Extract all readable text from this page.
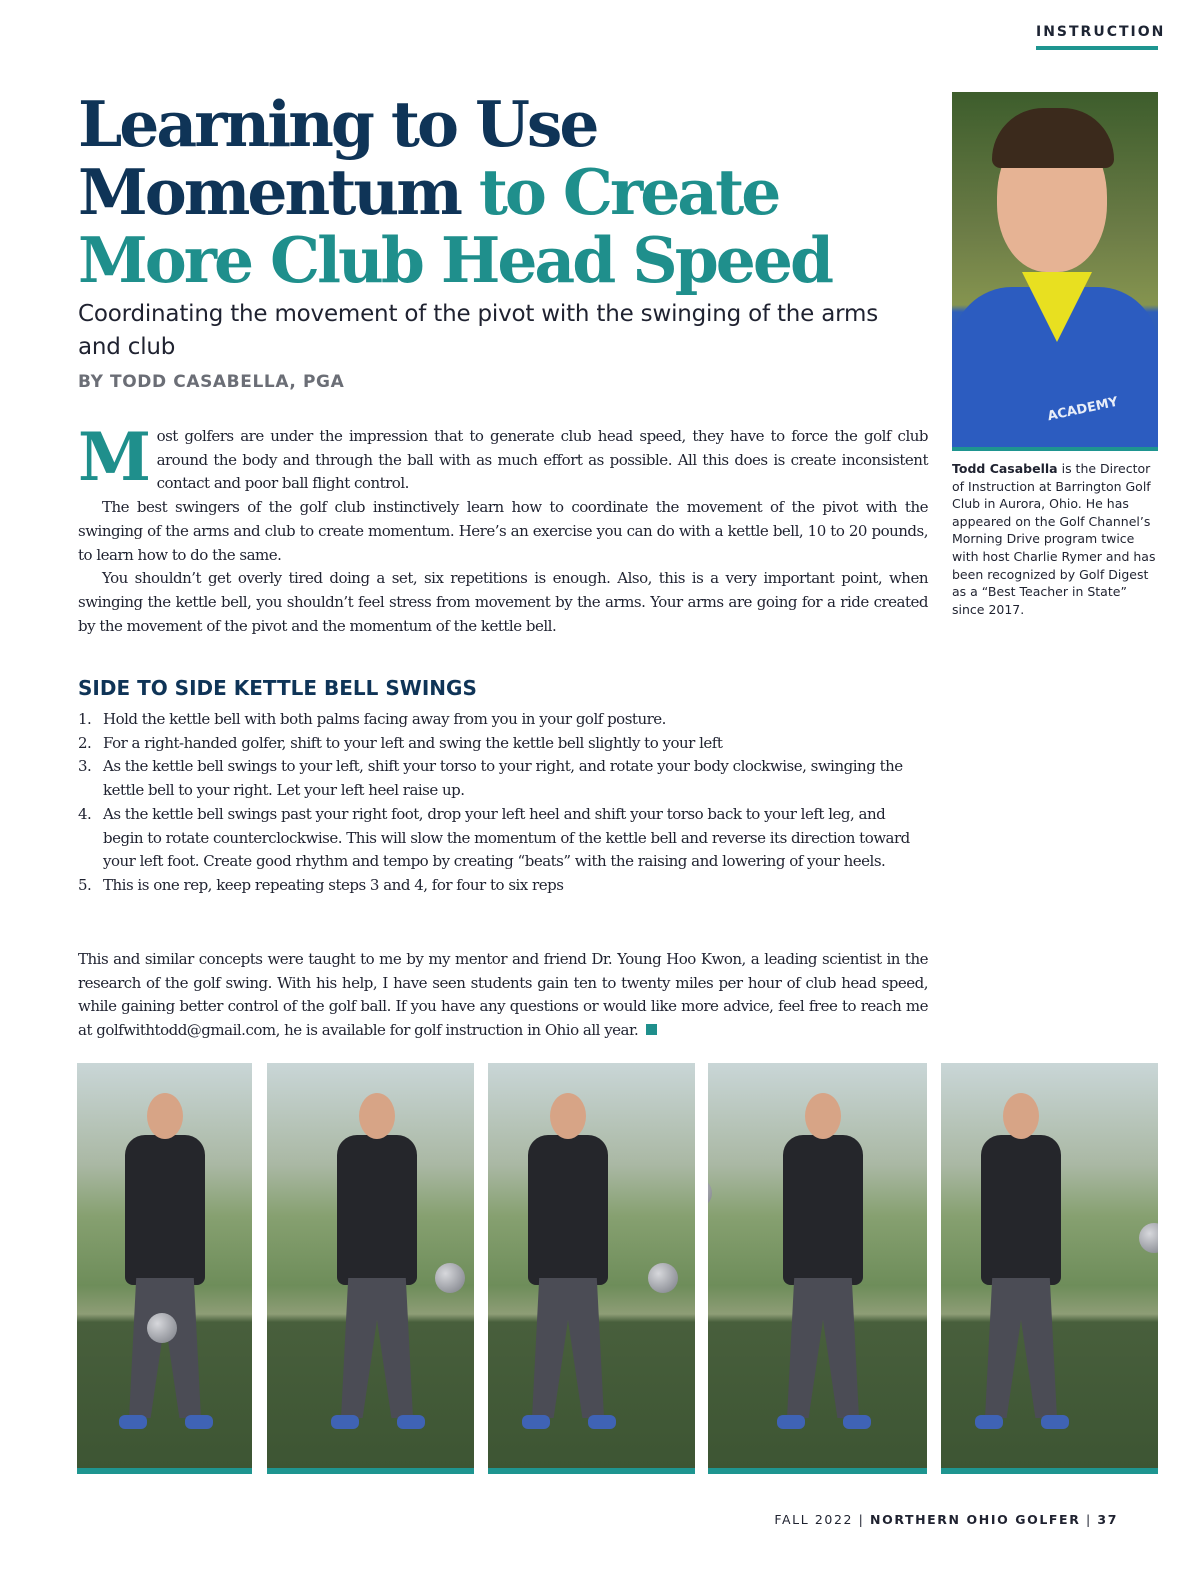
INSTRUCTION
Learning to Use
Momentum to Create
More Club Head Speed

Coordinating the movement of the pivot with the swinging of the arms and club

BY TODD CASABELLA, PGA

Most golfers are under the impression that to generate club head speed, they have to force the golf club around the body and through the ball with as much effort as possible. All this does is create inconsistent contact and poor ball flight control.

The best swingers of the golf club instinctively learn how to coordinate the movement of the pivot with the swinging of the arms and club to create momentum. Here’s an exercise you can do with a kettle bell, 10 to 20 pounds, to learn how to do the same.

You shouldn’t get overly tired doing a set, six repetitions is enough. Also, this is a very important point, when swinging the kettle bell, you shouldn’t feel stress from movement by the arms. Your arms are going for a ride created by the movement of the pivot and the momentum of the kettle bell.

ACADEMY

Todd Casabella is the Director of Instruction at Barrington Golf Club in Aurora, Ohio. He has appeared on the Golf Channel’s Morning Drive program twice with host Charlie Rymer and has been recognized by Golf Digest as a “Best Teacher in State” since 2017.

SIDE TO SIDE KETTLE BELL SWINGS
1. Hold the kettle bell with both palms facing away from you in your golf posture.
2. For a right-handed golfer, shift to your left and swing the kettle bell slightly to your left
3. As the kettle bell swings to your left, shift your torso to your right, and rotate your body clockwise, swinging the kettle bell to your right. Let your left heel raise up.
4. As the kettle bell swings past your right foot, drop your left heel and shift your torso back to your left leg, and begin to rotate counterclockwise. This will slow the momentum of the kettle bell and reverse its direction toward your left foot. Create good rhythm and tempo by creating “beats” with the raising and lowering of your heels.
5. This is one rep, keep repeating steps 3 and 4, for four to six reps

This and similar concepts were taught to me by my mentor and friend Dr. Young Hoo Kwon, a leading scientist in the research of the golf swing. With his help, I have seen students gain ten to twenty miles per hour of club head speed, while gaining better control of the golf ball. If you have any questions or would like more advice, feel free to reach me at golfwithtodd@gmail.com, he is available for golf instruction in Ohio all year.

FALL 2022 | NORTHERN OHIO GOLFER | 37
